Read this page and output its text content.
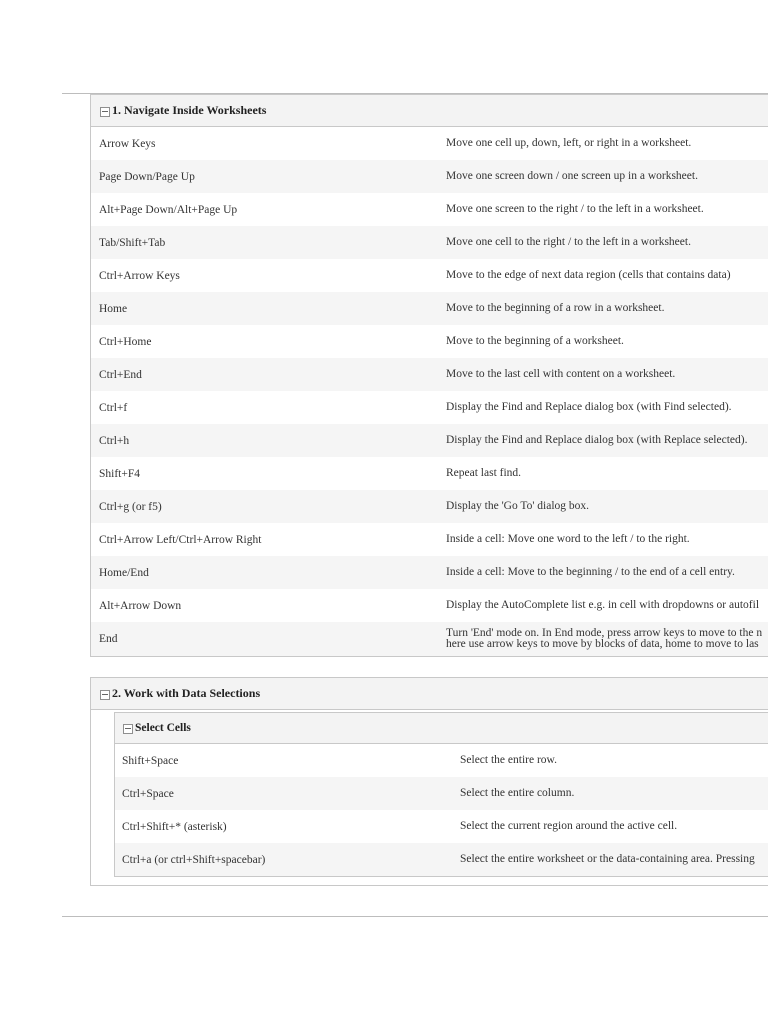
1. Navigate Inside Worksheets
Arrow Keys	Move one cell up, down, left, or right in a worksheet.
Page Down/Page Up	Move one screen down / one screen up in a worksheet.
Alt+Page Down/Alt+Page Up	Move one screen to the right / to the left in a worksheet.
Tab/Shift+Tab	Move one cell to the right / to the left in a worksheet.
Ctrl+Arrow Keys	Move to the edge of next data region (cells that contains data)
Home	Move to the beginning of a row in a worksheet.
Ctrl+Home	Move to the beginning of a worksheet.
Ctrl+End	Move to the last cell with content on a worksheet.
Ctrl+f	Display the Find and Replace dialog box (with Find selected).
Ctrl+h	Display the Find and Replace dialog box (with Replace selected).
Shift+F4	Repeat last find.
Ctrl+g (or f5)	Display the 'Go To' dialog box.
Ctrl+Arrow Left/Ctrl+Arrow Right	Inside a cell: Move one word to the left / to the right.
Home/End	Inside a cell: Move to the beginning / to the end of a cell entry.
Alt+Arrow Down	Display the AutoComplete list e.g. in cell with dropdowns or autofil
End	Turn 'End' mode on. In End mode, press arrow keys to move to the n
here use arrow keys to move by blocks of data, home to move to las
2. Work with Data Selections
Select Cells
Shift+Space	Select the entire row.
Ctrl+Space	Select the entire column.
Ctrl+Shift+* (asterisk)	Select the current region around the active cell.
Ctrl+a (or ctrl+Shift+spacebar)	Select the entire worksheet or the data-containing area. Pressing
